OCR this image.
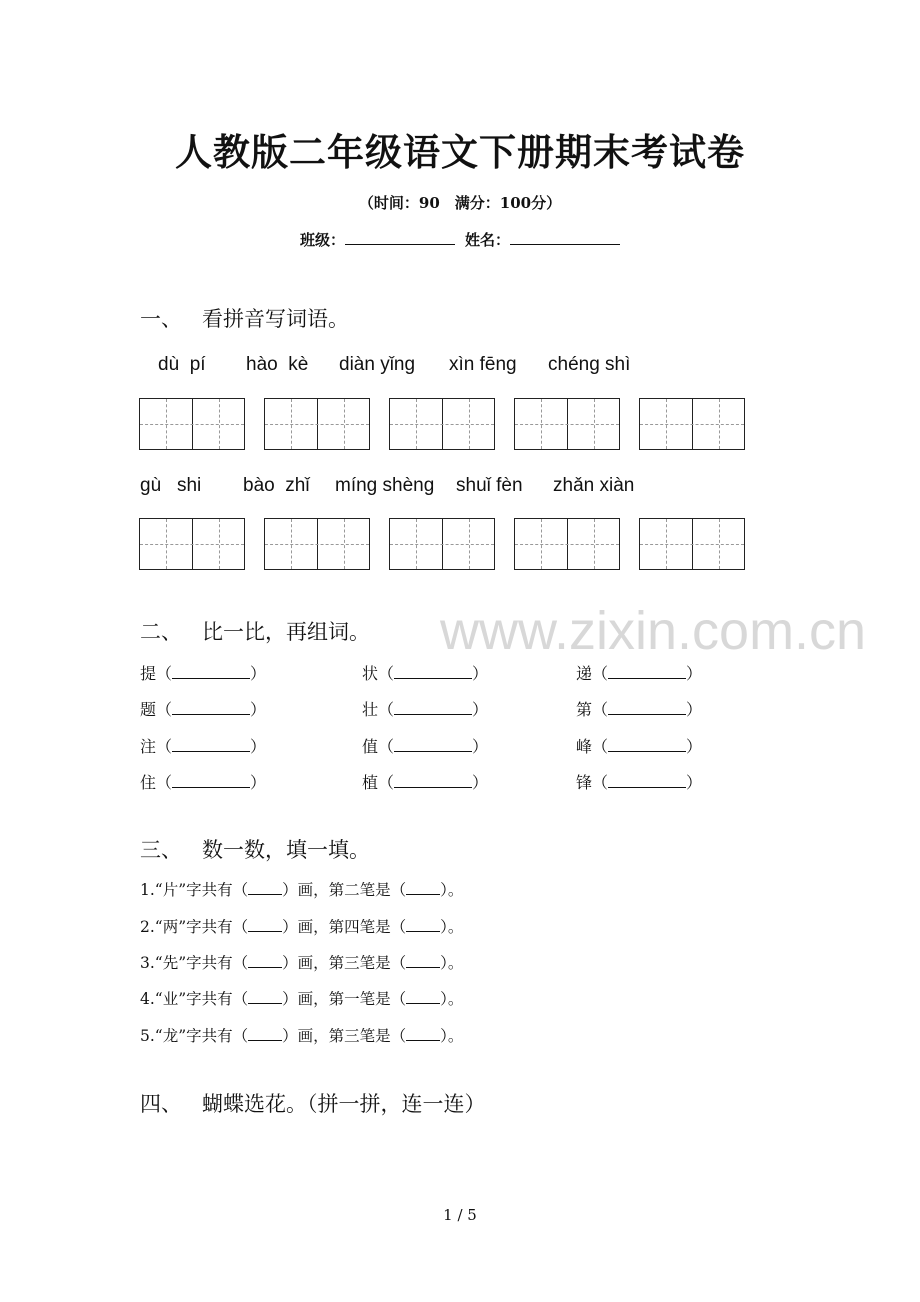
人教版二年级语文下册期末考试卷
（时间：90　满分：100分）
班级：	姓名：
www.zixin.com.cn
一、 看拼音写词语。
dù  pí hào  kè diàn yǐng xìn fēng chéng shì
gù   shi bào  zhǐ míng shèng shuǐ fèn zhǎn xiàn
二、 比一比，再组词。
提（	）	状（	）	递（	）
题（	）	壮（	）	第（	）
注（	）	值（	）	峰（	）
住（	）	植（	）	锋（	）
三、 数一数，填一填。
1.“片”字共有（ ）画，第二笔是（ ）。
2.“两”字共有（ ）画，第四笔是（ ）。
3.“先”字共有（ ）画，第三笔是（ ）。
4.“业”字共有（ ）画，第一笔是（ ）。
5.“龙”字共有（ ）画，第三笔是（ ）。
四、 蝴蝶选花。（拼一拼，连一连）
1 / 5
